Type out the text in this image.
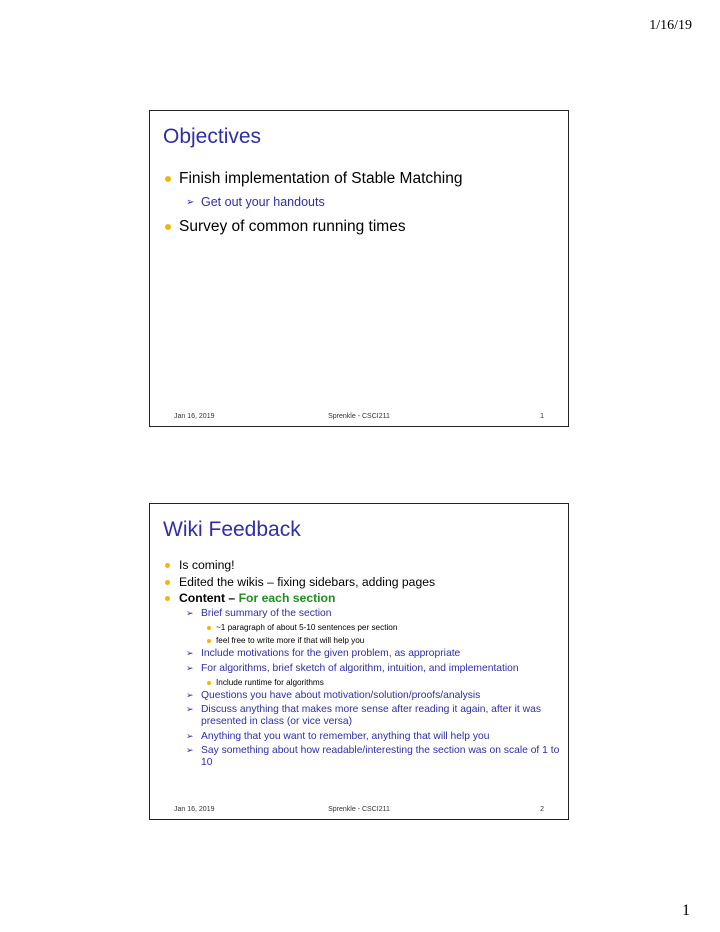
1/16/19
Objectives
Finish implementation of Stable Matching
➢ Get out your handouts
Survey of common running times
Jan 16, 2019	Sprenkle - CSCI211	1
Wiki Feedback
Is coming!
Edited the wikis – fixing sidebars, adding pages
Content – For each section
➢ Brief summary of the section
~1 paragraph of about 5-10 sentences per section
feel free to write more if that will help you
➢ Include motivations for the given problem, as appropriate
➢ For algorithms, brief sketch of algorithm, intuition, and implementation
Include runtime for algorithms
➢ Questions you have about motivation/solution/proofs/analysis
➢ Discuss anything that makes more sense after reading it again, after it was presented in class (or vice versa)
➢ Anything that you want to remember, anything that will help you
➢ Say something about how readable/interesting the section was on scale of 1 to 10
Jan 16, 2019	Sprenkle - CSCI211	2
1
